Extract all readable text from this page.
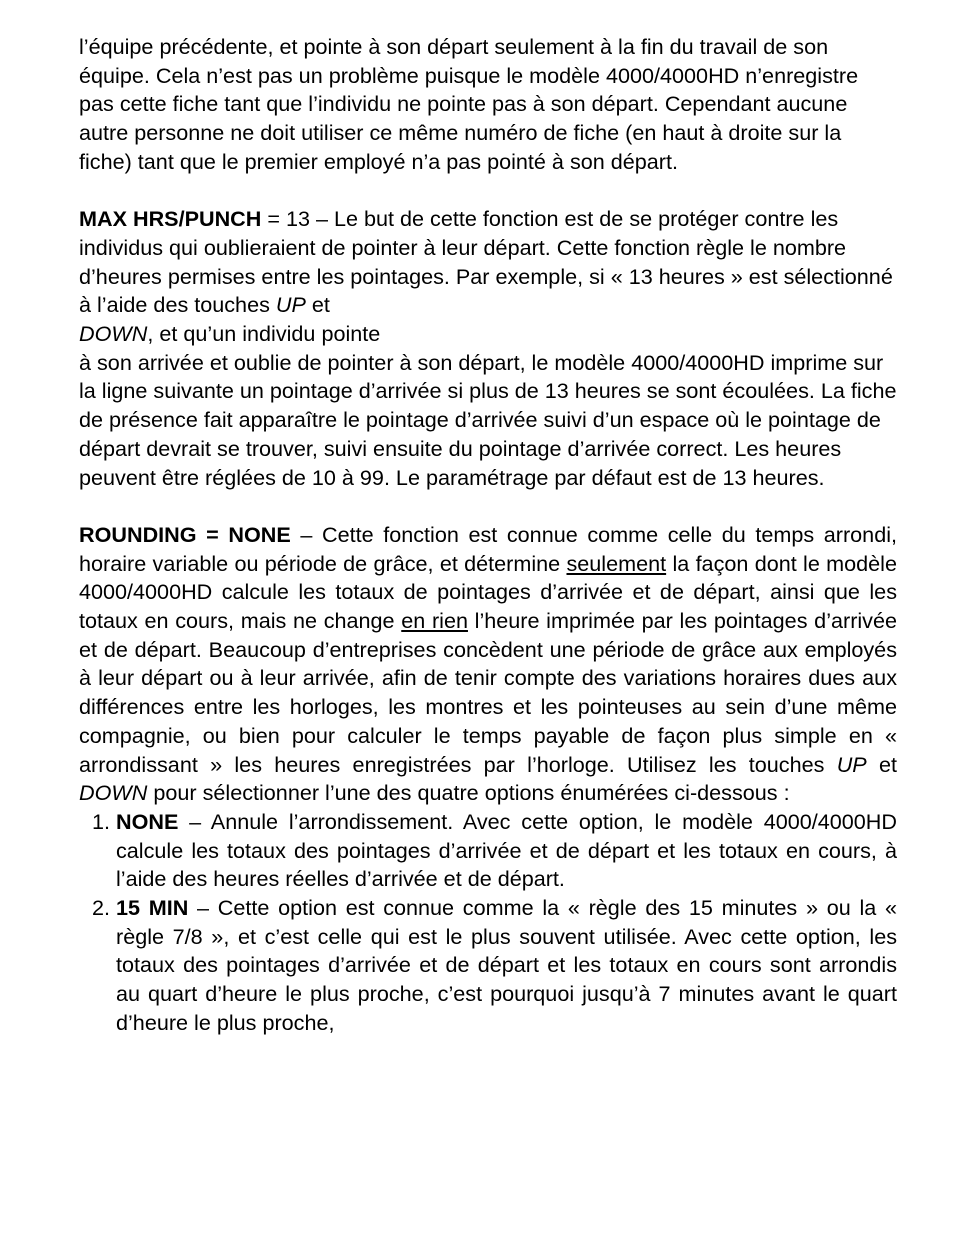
l’équipe précédente, et pointe à son départ seulement à la fin du travail de son équipe. Cela n’est pas un problème puisque le modèle 4000/4000HD n’enregistre pas cette fiche tant que l’individu ne pointe pas à son départ. Cependant aucune autre personne ne doit utiliser ce même numéro de fiche (en haut à droite sur la fiche) tant que le premier employé n’a pas pointé à son départ.

MAX HRS/PUNCH = 13 – Le but de cette fonction est de se protéger contre les individus qui oublieraient de pointer à leur départ. Cette fonction règle le nombre d’heures permises entre les pointages. Par exemple, si « 13 heures » est sélectionné à l’aide des touches UP et
DOWN, et qu’un individu pointe
à son arrivée et oublie de pointer à son départ, le modèle 4000/4000HD imprime sur la ligne suivante un pointage d’arrivée si plus de 13 heures se sont écoulées. La fiche de présence fait apparaître le pointage d’arrivée suivi d’un espace où le pointage de départ devrait se trouver, suivi ensuite du pointage d’arrivée correct. Les heures peuvent être réglées de 10 à 99. Le paramétrage par défaut est de 13 heures.

ROUNDING = NONE – Cette fonction est connue comme celle du temps arrondi, horaire variable ou période de grâce, et détermine seulement la façon dont le modèle 4000/4000HD calcule les totaux de pointages d’arrivée et de départ, ainsi que les totaux en cours, mais ne change en rien l’heure imprimée par les pointages d’arrivée et de départ. Beaucoup d’entreprises concèdent une période de grâce aux employés à leur départ ou à leur arrivée, afin de tenir compte des variations horaires dues aux différences entre les horloges, les montres et les pointeuses au sein d’une même compagnie, ou bien pour calculer le temps payable de façon plus simple en « arrondissant » les heures enregistrées par l’horloge. Utilisez les touches UP et DOWN pour sélectionner l’une des quatre options énumérées ci-dessous :

1. NONE – Annule l’arrondissement. Avec cette option, le modèle 4000/4000HD calcule les totaux des pointages d’arrivée et de départ et les totaux en cours, à l’aide des heures réelles d’arrivée et de départ.
2. 15 MIN – Cette option est connue comme la « règle des 15 minutes » ou la « règle 7/8 », et c’est celle qui est le plus souvent utilisée. Avec cette option, les totaux des pointages d’arrivée et de départ et les totaux en cours sont arrondis au quart d’heure le plus proche, c’est pourquoi jusqu’à 7 minutes avant le quart d’heure le plus proche,
